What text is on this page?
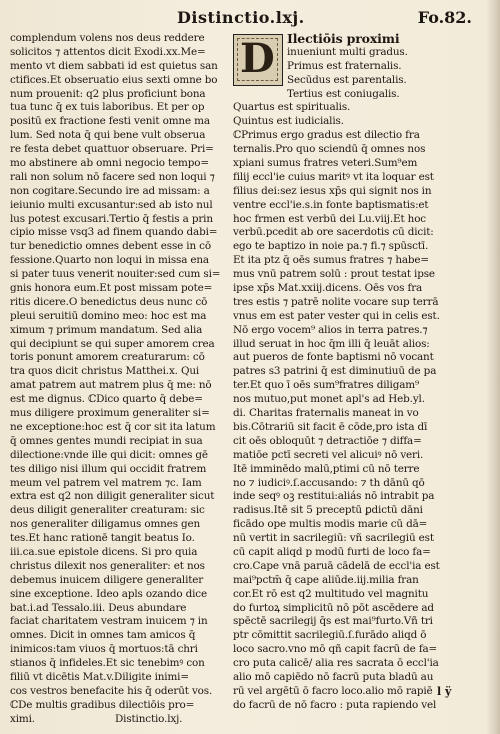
Distinctio.lxj.	Fo.82.
complendum volens nos deus reddere
solicitos ⁊ attentos dicit Exodi.xx.Me=
mento vt diem sabbati id est quietus san
ctifices.Et obseruatio eius sexti omne bo
num prouenit: q2 plus proficiunt bona
tua tunc q̄ ex tuis laboribus. Et per op
positū ex fractione festi venit omne ma
lum. Sed nota q̄ qui bene vult obserua
re festa debet quattuor obseruare. Pri=
mo abstinere ab omni negocio tempo=
rali non solum nō facere sed non loqui ⁊
non cogitare.Secundo ire ad missam: a
ieiunio multi excusantur:sed ab isto nul
lus potest excusari.Tertio q̄ festis a prin
cipio misse vsq3 ad finem quando dabi=
tur benedictio omnes debent esse in cō
fessione.Quarto non loqui in missa ena
si pater tuus venerit nouiter:sed cum si=
gnis honora eum.Et post missam pote=
ritis dicere.O benedictus deus nunc cō
pleui seruitiū domino meo: hoc est ma
ximum ⁊ primum mandatum. Sed alia
qui decipiunt se qui super amorem crea
toris ponunt amorem creaturarum: cō
tra quos dicit christus Matthei.x. Qui
amat patrem aut matrem plus q̄ me: nō
est me dignus. ℂDico quarto q̄ debe=
mus diligere proximum generaliter si=
ne exceptione:hoc est q̄ cor sit ita latum
q̄ omnes gentes mundi recipiat in sua
dilectione:vnde ille qui dicit: omnes gē
tes diligo nisi illum qui occidit fratrem
meum vel patrem vel matrem ⁊c. Iam
extra est q2 non diligit generaliter sicut
deus diligit generaliter creaturam: sic
nos generaliter diligamus omnes gen
tes.Et hanc rationē tangit beatus Io.
iii.ca.sue epistole dicens. Si pro quia
christus dilexit nos generaliter: et nos
debemus inuicem diligere generaliter
sine exceptione. Ideo apls ozando dice
bat.i.ad Tessalo.iii. Deus abundare
faciat charitatem vestram inuicem ⁊ in
omnes. Dicit in omnes tam amicos q̄
inimicos:tam viuos q̄ mortuos:tā chri
stianos q̄ infideles.Et sic tenebimꝰ con
filiū vt dicētis Mat.v.Diligite inimi=
cos vestros benefacite his q̄ oderūt vos.
ℂDe multis gradibus dilectiōis pro=
ximi.	Distinctio.lxj.
D Ilectiōis proximi
inueniunt multi gradus.
Primus est fraternalis.
Secūdus est parentalis.
Tertius est coniugalis.
Quartus est spiritualis.
Quintus est iudicialis.
ℂPrimus ergo gradus est dilectio fra
ternalis.Pro quo sciendū q̄ omnes nos
xpiani sumus fratres veteri.Sum⁹em
filij eccl'ie cuius maritꝰ vt ita loquar est
filius dei:sez iesus xp̄s qui signit nos in
ventre eccl'ie.s.in fonte baptismatis:et
hoc frmen est verbū dei Lu.viij.Et hoc
verbū.pcedit ab ore sacerdotis cū dicit:
ego te baptizo in noie pa.⁊ fi.⁊ spūsctī.
Et ita ptz q̄ oēs sumus fratres ⁊ habe=
mus vnū patrem solū : prout testat ipse
ipse xp̄s Mat.xxiij.dicens. Oēs vos fra
tres estis ⁊ patrē nolite vocare sup terrā
vnus em est pater vester qui in celis est.
Nō ergo vocem⁹ alios in terra patres.⁊
illud seruat in hoc q̄m illi q̄ leuāt alios:
aut pueros de fonte baptismi nō vocant
patres s3 patrini q̄ est diminutiuū de pa
ter.Et quo ī oēs sum⁹fratres diligam⁹
nos mutuo,put monet apl's ad Heb.yl.
di. Charitas fraternalis maneat in vo
bis.Cōtrariū sit facit ē cōde,pro ista dī
cit oēs obloquūt ⁊ detractiōe ⁊ diffa=
matiōe pctī secreti vel alicuiꝰ nō veri.
Itē imminēdo malū,ptimi cū nō terre
no ⁊ iudiciꝰ.ſ.accusando: ⁊ th dānū qō
inde seqꝰ oꝫ restitui:aliás nō intrabit pa
radisus.Itē sit 5 preceptū ꝑdictū dāni
ficādo ope multis modis marie cū dā=
nū vertit in sacrilegiū: vñ sacrilegiū est
cū capit aliqd p modū furti de loco fa=
cro.Cape vnā paruā cādelā de eccl'ia est
mai⁹pctm̄ q̄ cape aliūde.iij.milia fran
cor.Et rō est q2 multitudo vel magnitu
do furtoꝝ simplicitū nō pōt ascēdere ad
spēctē sacrilegij q̄s est mai⁹furto.Vñ tri
ptr cōmittit sacrilegiū.ſ.furādo aliqd ō
loco sacro.vno mō qñ capit facrū de fa=
cro puta calicē/ alia res sacrata ō eccl'ia
alio mō capiēdo nō facrū puta bladū au
rū vel argētū ō facro loco.alio mō rapiē
do facrū de nō facro : puta rapiendo vel
l ÿ
